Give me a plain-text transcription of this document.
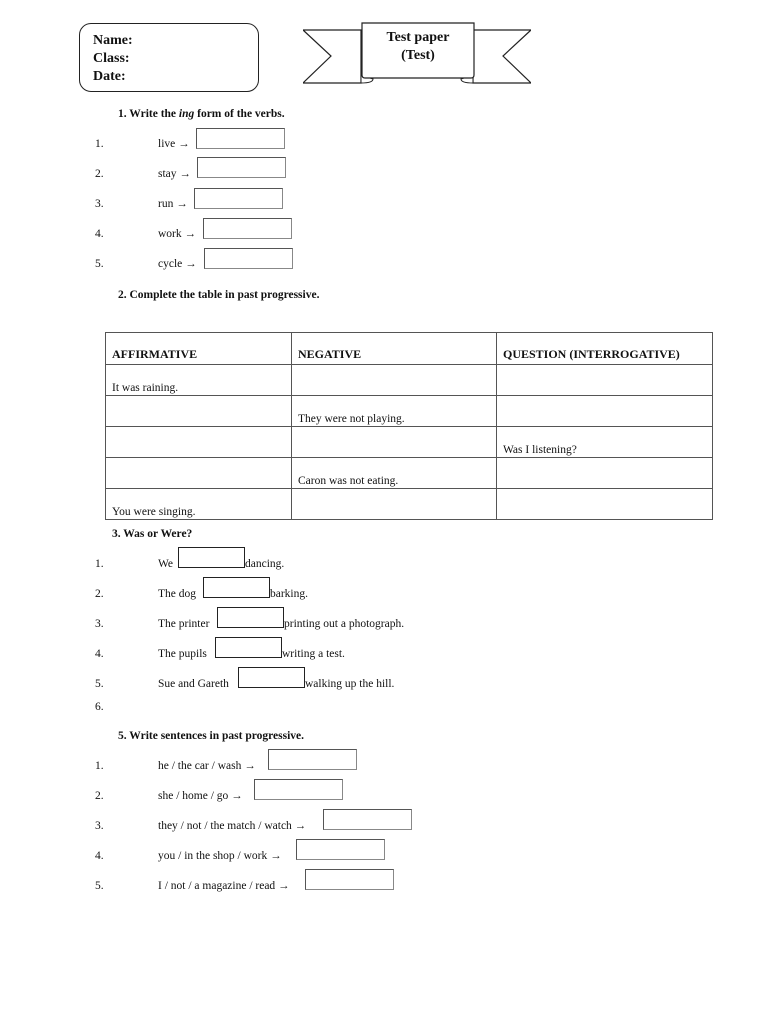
Name:
Class:
Date:
Test paper
(Test)
1. Write the ing form of the verbs.
1.	live →
2.	stay →
3.	run →
4.	work →
5.	cycle →
2. Complete the table in past progressive.
AFFIRMATIVE	NEGATIVE	QUESTION (INTERROGATIVE)
It was raining.		
	They were not playing.	
		Was I listening?
	Caron was not eating.	
You were singing.		
3. Was or Were?
1.	We	dancing.
2.	The dog	barking.
3.	The printer	printing out a photograph.
4.	The pupils	writing a test.
5.	Sue and Gareth	walking up the hill.
6.
5. Write sentences in past progressive.
1.	he / the car / wash →
2.	she / home / go →
3.	they / not / the match / watch →
4.	you / in the shop / work →
5.	I / not / a magazine / read →
